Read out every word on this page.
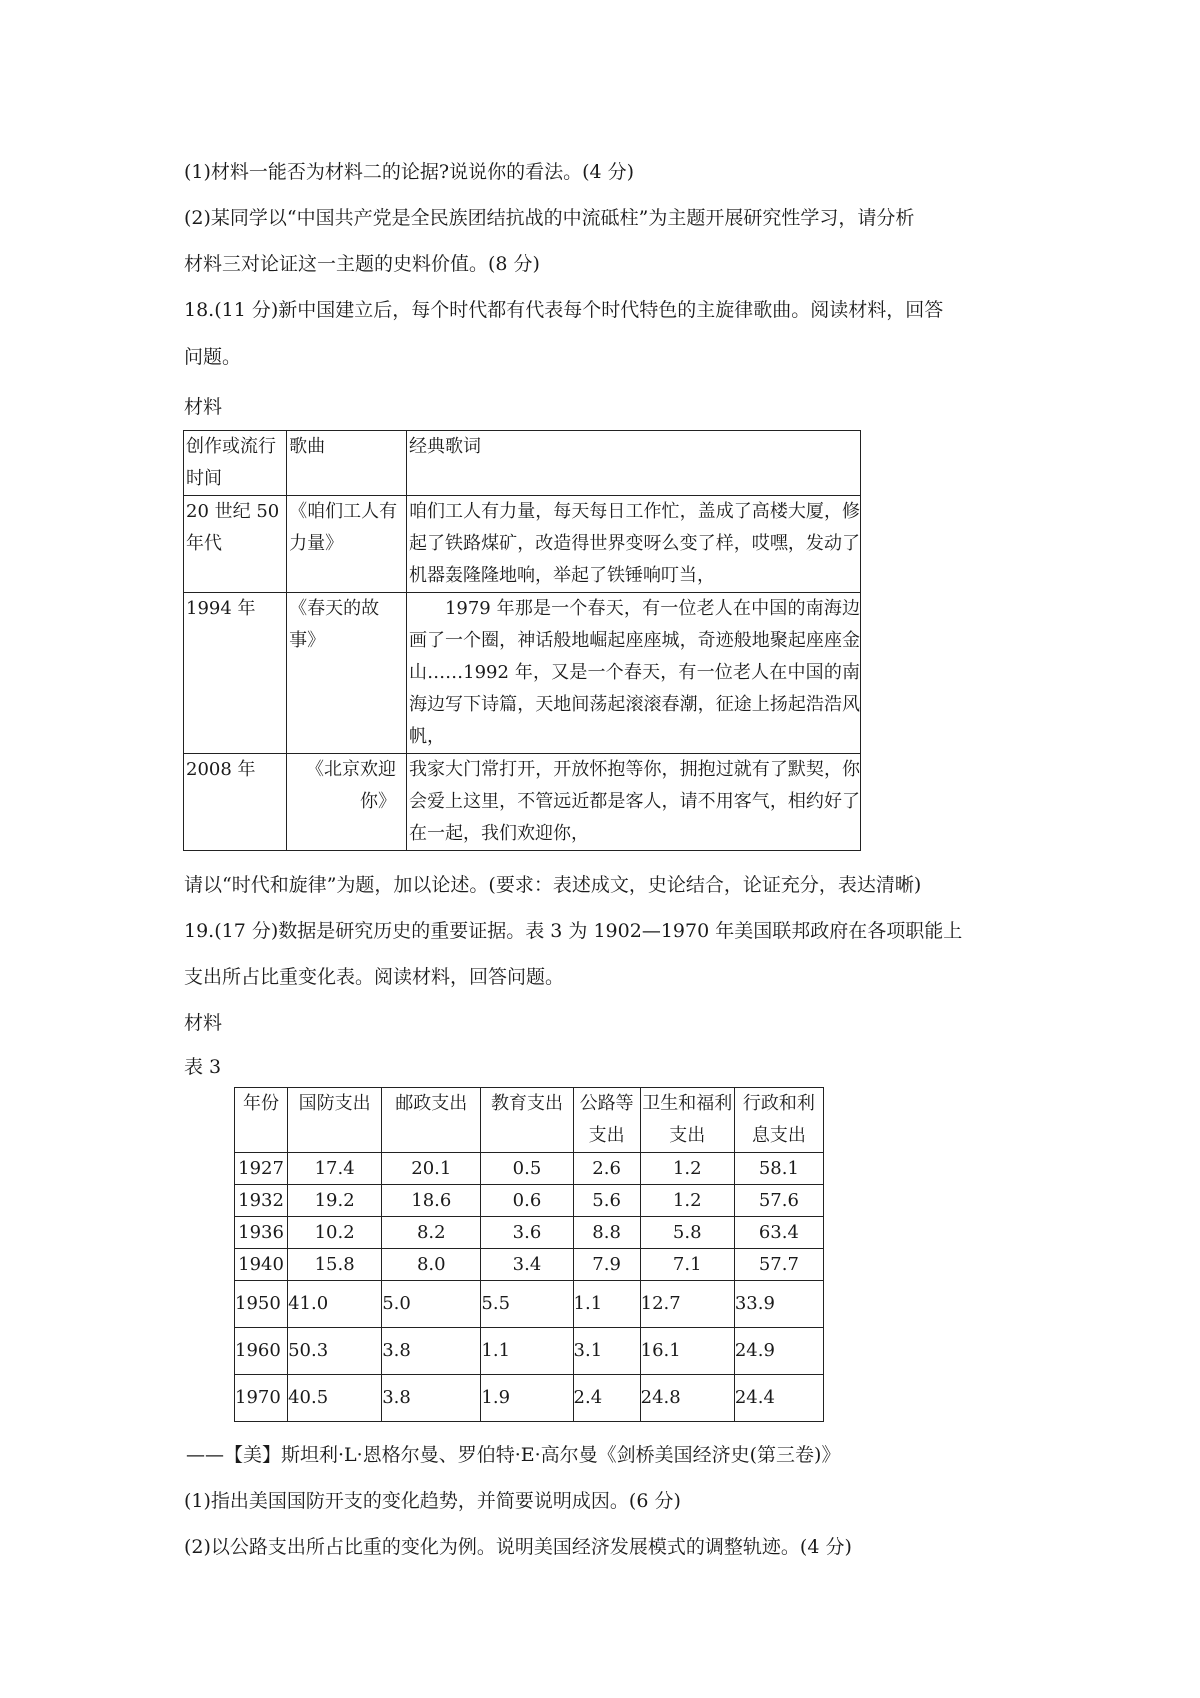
(1)材料一能否为材料二的论据?说说你的看法。(4 分)
(2)某同学以“中国共产党是全民族团结抗战的中流砥柱”为主题开展研究性学习，请分析
材料三对论证这一主题的史料价值。(8 分)
18.(11 分)新中国建立后，每个时代都有代表每个时代特色的主旋律歌曲。阅读材料，回答
问题。
材料
创作或流行时间	歌曲	经典歌词
20 世纪 50 年代	《咱们工人有力量》	咱们工人有力量，每天每日工作忙，盖成了高楼大厦，修起了铁路煤矿，改造得世界变呀么变了样，哎嘿，发动了机器轰隆隆地响，举起了铁锤响叮当，
1994 年	《春天的故事》	1979 年那是一个春天，有一位老人在中国的南海边画了一个圈，神话般地崛起座座城，奇迹般地聚起座座金山……1992 年，又是一个春天，有一位老人在中国的南海边写下诗篇，天地间荡起滚滚春潮，征途上扬起浩浩风帆，
2008 年	《北京欢迎你》	我家大门常打开，开放怀抱等你，拥抱过就有了默契，你会爱上这里，不管远近都是客人，请不用客气，相约好了在一起，我们欢迎你，
请以“时代和旋律”为题，加以论述。(要求：表述成文，史论结合，论证充分，表达清晰)
19.(17 分)数据是研究历史的重要证据。表 3 为 1902—1970 年美国联邦政府在各项职能上
支出所占比重变化表。阅读材料，回答问题。
材料
表 3
年份	国防支出	邮政支出	教育支出	公路等支出	卫生和福利支出	行政和利息支出
1927	17.4	20.1	0.5	2.6	1.2	58.1
1932	19.2	18.6	0.6	5.6	1.2	57.6
1936	10.2	8.2	3.6	8.8	5.8	63.4
1940	15.8	8.0	3.4	7.9	7.1	57.7
1950	41.0	5.0	5.5	1.1	12.7	33.9
1960	50.3	3.8	1.1	3.1	16.1	24.9
1970	40.5	3.8	1.9	2.4	24.8	24.4
——【美】斯坦利·L·恩格尔曼、罗伯特·E·高尔曼《剑桥美国经济史(第三卷)》
(1)指出美国国防开支的变化趋势，并简要说明成因。(6 分)
(2)以公路支出所占比重的变化为例。说明美国经济发展模式的调整轨迹。(4 分)
